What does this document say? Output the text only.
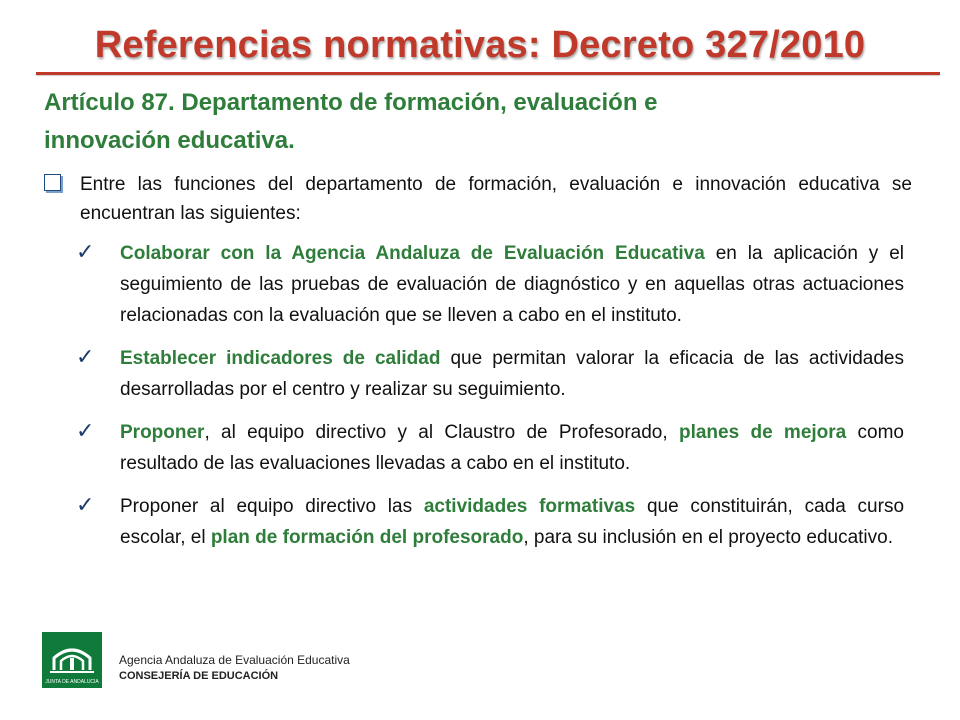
Referencias normativas: Decreto 327/2010
Artículo 87. Departamento de formación, evaluación e
innovación educativa.
Entre las funciones del departamento de formación, evaluación e innovación educativa se encuentran las siguientes:
✓ Colaborar con la Agencia Andaluza de Evaluación Educativa en la aplicación y el seguimiento de las pruebas de evaluación de diagnóstico y en aquellas otras actuaciones relacionadas con la evaluación que se lleven a cabo en el instituto.
✓ Establecer indicadores de calidad que permitan valorar la eficacia de las actividades desarrolladas por el centro y realizar su seguimiento.
✓ Proponer, al equipo directivo y al Claustro de Profesorado, planes de mejora como resultado de las evaluaciones llevadas a cabo en el instituto.
✓ Proponer al equipo directivo las actividades formativas que constituirán, cada curso escolar, el plan de formación del profesorado, para su inclusión en el proyecto educativo.
JUNTA DE ANDALUCIA
Agencia Andaluza de Evaluación Educativa
CONSEJERÍA DE EDUCACIÓN
